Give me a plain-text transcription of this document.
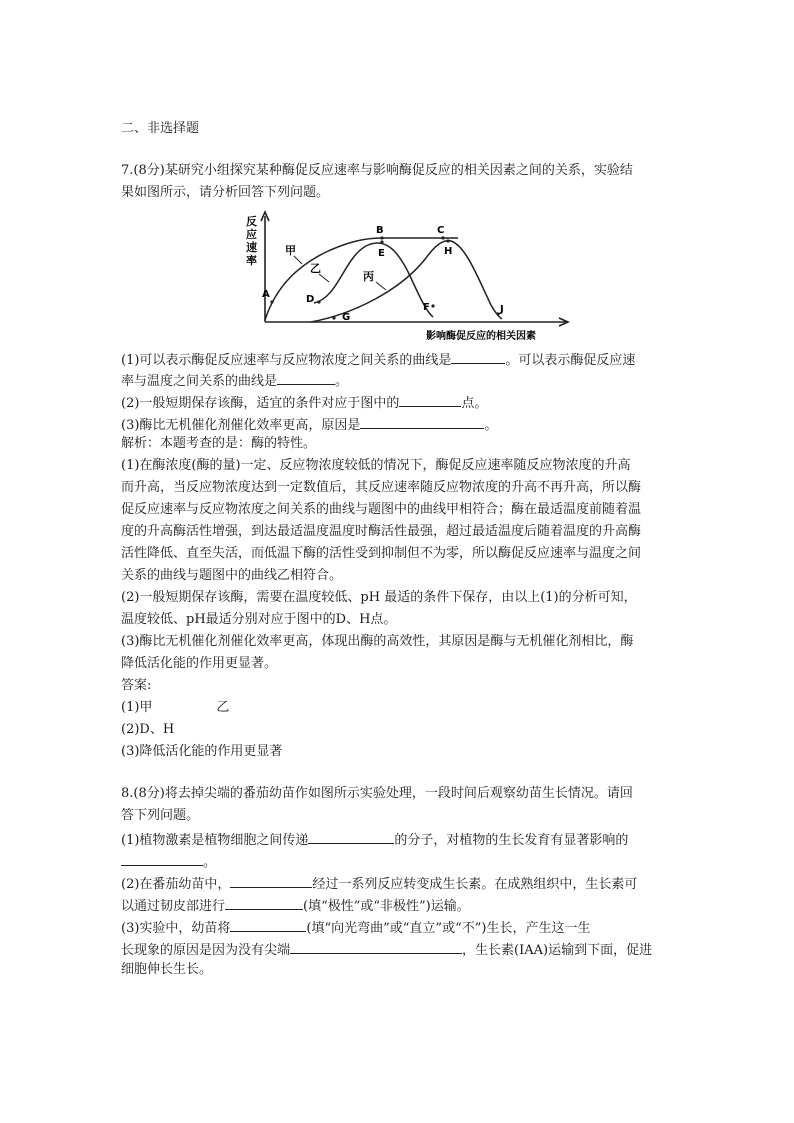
二、非选择题
7.(8分)某研究小组探究某种酶促反应速率与影响酶促反应的相关因素之间的关系，实验结
果如图所示，请分析回答下列问题。
反
应
速
率
影响酶促反应的相关因素
甲
乙
丙
A
B	C
D
E
F
G
H
J
(1)可以表示酶促反应速率与反应物浓度之间关系的曲线是	。可以表示酶促反应速
率与温度之间关系的曲线是	。
(2)一般短期保存该酶，适宜的条件对应于图中的	点。
(3)酶比无机催化剂催化效率更高，原因是	。
解析：本题考查的是：酶的特性。
(1)在酶浓度(酶的量)一定、反应物浓度较低的情况下，酶促反应速率随反应物浓度的升高
而升高，当反应物浓度达到一定数值后，其反应速率随反应物浓度的升高不再升高，所以酶
促反应速率与反应物浓度之间关系的曲线与题图中的曲线甲相符合；酶在最适温度前随着温
度的升高酶活性增强，到达最适温度温度时酶活性最强，超过最适温度后随着温度的升高酶
活性降低、直至失活，而低温下酶的活性受到抑制但不为零，所以酶促反应速率与温度之间
关系的曲线与题图中的曲线乙相符合。
(2)一般短期保存该酶，需要在温度较低、pH 最适的条件下保存，由以上(1)的分析可知，
温度较低、pH最适分别对应于图中的D、H点。
(3)酶比无机催化剂催化效率更高，体现出酶的高效性，其原因是酶与无机催化剂相比，酶
降低活化能的作用更显著。
答案:
(1)甲	乙
(2)D、H
(3)降低活化能的作用更显著
8.(8分)将去掉尖端的番茄幼苗作如图所示实验处理，一段时间后观察幼苗生长情况。请回
答下列问题。
(1)植物激素是植物细胞之间传递	的分子，对植物的生长发育有显著影响的
。
(2)在番茄幼苗中，	经过一系列反应转变成生长素。在成熟组织中，生长素可
以通过韧皮部进行	(填“极性”或“非极性”)运输。
(3)实验中，幼苗将	(填“向光弯曲”或“直立”或“不”)生长，产生这一生
长现象的原因是因为没有尖端	，生长素(IAA)运输到下面，促进
细胞伸长生长。
